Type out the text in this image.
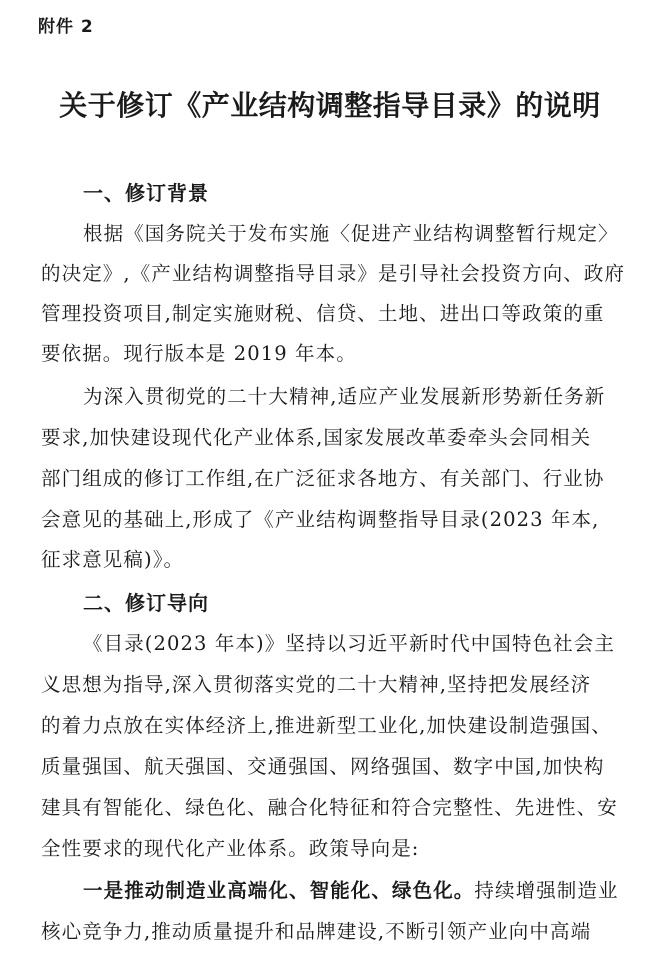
附件 2
关于修订《产业结构调整指导目录》的说明
一、修订背景
根据《国务院关于发布实施〈促进产业结构调整暂行规定〉
的决定》,《产业结构调整指导目录》是引导社会投资方向、政府
管理投资项目,制定实施财税、信贷、土地、进出口等政策的重
要依据。现行版本是 2019 年本。
为深入贯彻党的二十大精神,适应产业发展新形势新任务新
要求,加快建设现代化产业体系,国家发展改革委牵头会同相关
部门组成的修订工作组,在广泛征求各地方、有关部门、行业协
会意见的基础上,形成了《产业结构调整指导目录(2023 年本,
征求意见稿)》。
二、修订导向
《目录(2023 年本)》坚持以习近平新时代中国特色社会主
义思想为指导,深入贯彻落实党的二十大精神,坚持把发展经济
的着力点放在实体经济上,推进新型工业化,加快建设制造强国、
质量强国、航天强国、交通强国、网络强国、数字中国,加快构
建具有智能化、绿色化、融合化特征和符合完整性、先进性、安
全性要求的现代化产业体系。政策导向是:
一是推动制造业高端化、智能化、绿色化。持续增强制造业
核心竞争力,推动质量提升和品牌建设,不断引领产业向中高端
